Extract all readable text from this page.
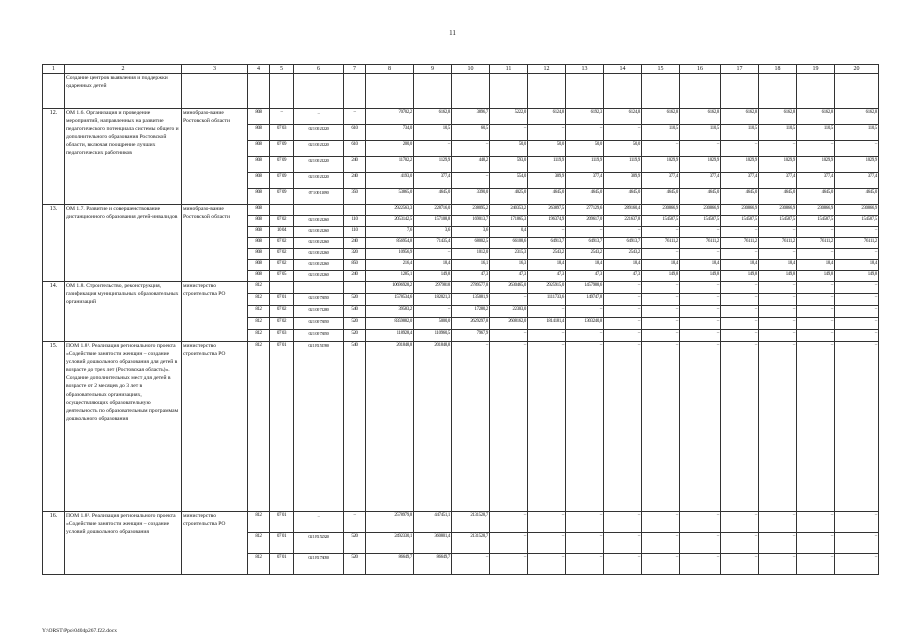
11
1	2	3	4	5	6	7	8	9	10	11	12	13	14	15	16	17	18	19	20
	Создание центров выявления и поддержки одаренных детей																		
12.	ОМ 1.6. Организация и проведение мероприятий, направленных на развитие педагогического потенциала системы общего и дополнительного образования Ростовской области, включая поощрение лучших педагогических работников	минобразо-вание Ростовской области	808	–	–	–	70702,2	6162,8	3896,7	5222,0	6124,8	6192,3	6124,8	6162,8	6162,8	6162,8	6162,8	6162,8	6162,8
			808	07 03	02 1 00 21220	610	734,0	10,5	60,5	–	–	–	–	110,5	110,5	110,5	110,5	110,5	110,5
			808	07 09	02 1 00 21220	610	200,0	–	–	50,0	50,0	50,0	50,0	–	–	–	–	–	–
			808	07 09	02 1 00 21220	240	11702,2	1129,9	448,2	593,0	1119,9	1119,9	1119,9	1029,9	1029,9	1029,9	1029,9	1029,9	1029,9
			808	07 09	02 1 00 21220	240	4193,0	377,4	–	554,0	309,9	377,4	309,9	377,4	377,4	377,4	377,4	377,4	377,4
			808	07 09	07 1 00 11090	350	53865,0	4645,0	3390,0	4025,0	4645,0	4645,0	4645,0	4645,0	4645,0	4645,0	4645,0	4645,0	4645,0
13.	ОМ 1.7. Развитие и совершенствование дистанционного образования детей-инвалидов	минобразо-вание Ростовской области	808				2922563,3	228716,0	238095,2	240353,2	263897,5	277129,6	289160,4	230866,9	230866,9	230866,9	230866,9	230866,9	230866,9
			808	07 02	02 1 00 21260	110	2053142,5	157108,8	169013,7	171865,3	196374,9	209617,0	221637,8	154587,5	154587,5	154587,5	154587,5	154587,5	154587,5
			808	10 04	02 1 00 21260	110	7,6	3,6	3,6	0,4	–	–	–	–	–	–	–	–	–
			808	07 02	02 1 00 21260	240	856954,8	71435,4	68002,5	66108,6	64913,7	64913,7	64913,7	76111,2	76111,2	76111,2	76111,2	76111,2	76111,2
			808	07 02	02 1 00 21260	320	10956,9	–	1012,0	2315,3	2543,2	2543,2	2543,2	–	–	–	–	–	–
			808	07 02	02 1 00 21260	850	216,4	18,4	16,1	16,3	18,4	18,4	18,4	18,4	18,4	18,4	18,4	18,4	18,4
			808	07 05	02 1 00 21260	240	1285,1	149,8	47,3	47,3	47,3	47,3	47,3	149,8	149,8	149,8	149,8	149,8	149,8
14.	ОМ 1.8. Строительство, реконструкция, газификация муниципальных образовательных организаций	министерство строительства РО	812				10696928,2	2979818	2789577,8	2630465,0	2925915,0	1457988,6	–	–	–	–	–	–	–
			812	07 01	02 1 00 73050	520	1578534,6	182021,3	135081,9	–	1111733,6	149747,8	–	–	–	–	–	–	–
			812	07 02	02 1 00 71280	540	39583,2	–	17280,2	22303,0	–	–	–	–	–	–	–	–	–
			812	07 02	02 1 00 73050	520	8359882,0	5000,0	2629297,8	2608162,0	1814181,4	1303240,8	–	–	–	–	–	–	–
			812	07 03	02 1 00 73050	520	118928,4	110960,5	7967,9	–	–	–	–	–	–	–	–	–	–
15.	ПОМ 1.8¹. Реализация регионального проекта «Содействие занятости женщин – создание условий дошкольного образования для детей в возрасте до трех лет (Ростовская область)». Создание дополнительных мест для детей в возрасте от 2 месяцев до 3 лет в образовательных организациях, осуществляющих образовательную деятельность по образовательным программам дошкольного образования	министерство строительства РО	812	07 01	02 1 P2 51590	540	201848,8	201848,8	–	–	–	–	–	–	–	–	–	–	–
16.	ПОМ 1.8². Реализация регионального проекта «Содействие занятости женщин – создание условий дошкольного образования	министерство строительства РО	812	07 01	–	–	2578979,8	447451,1	2131528,7	–	–	–	–	–	–	–	–	–	–
			812	07 01	02 1 P2 52320	520	2492330,1	360801,4	2131528,7	–	–	–	–	–	–	–	–	–	–
			812	07 01	02 1 P2 73050	520	86649,7	86649,7	–	–	–	–	–	–	–	–	–	–	–
Y:\ORST\Ppo\0404p267.f22.docx
